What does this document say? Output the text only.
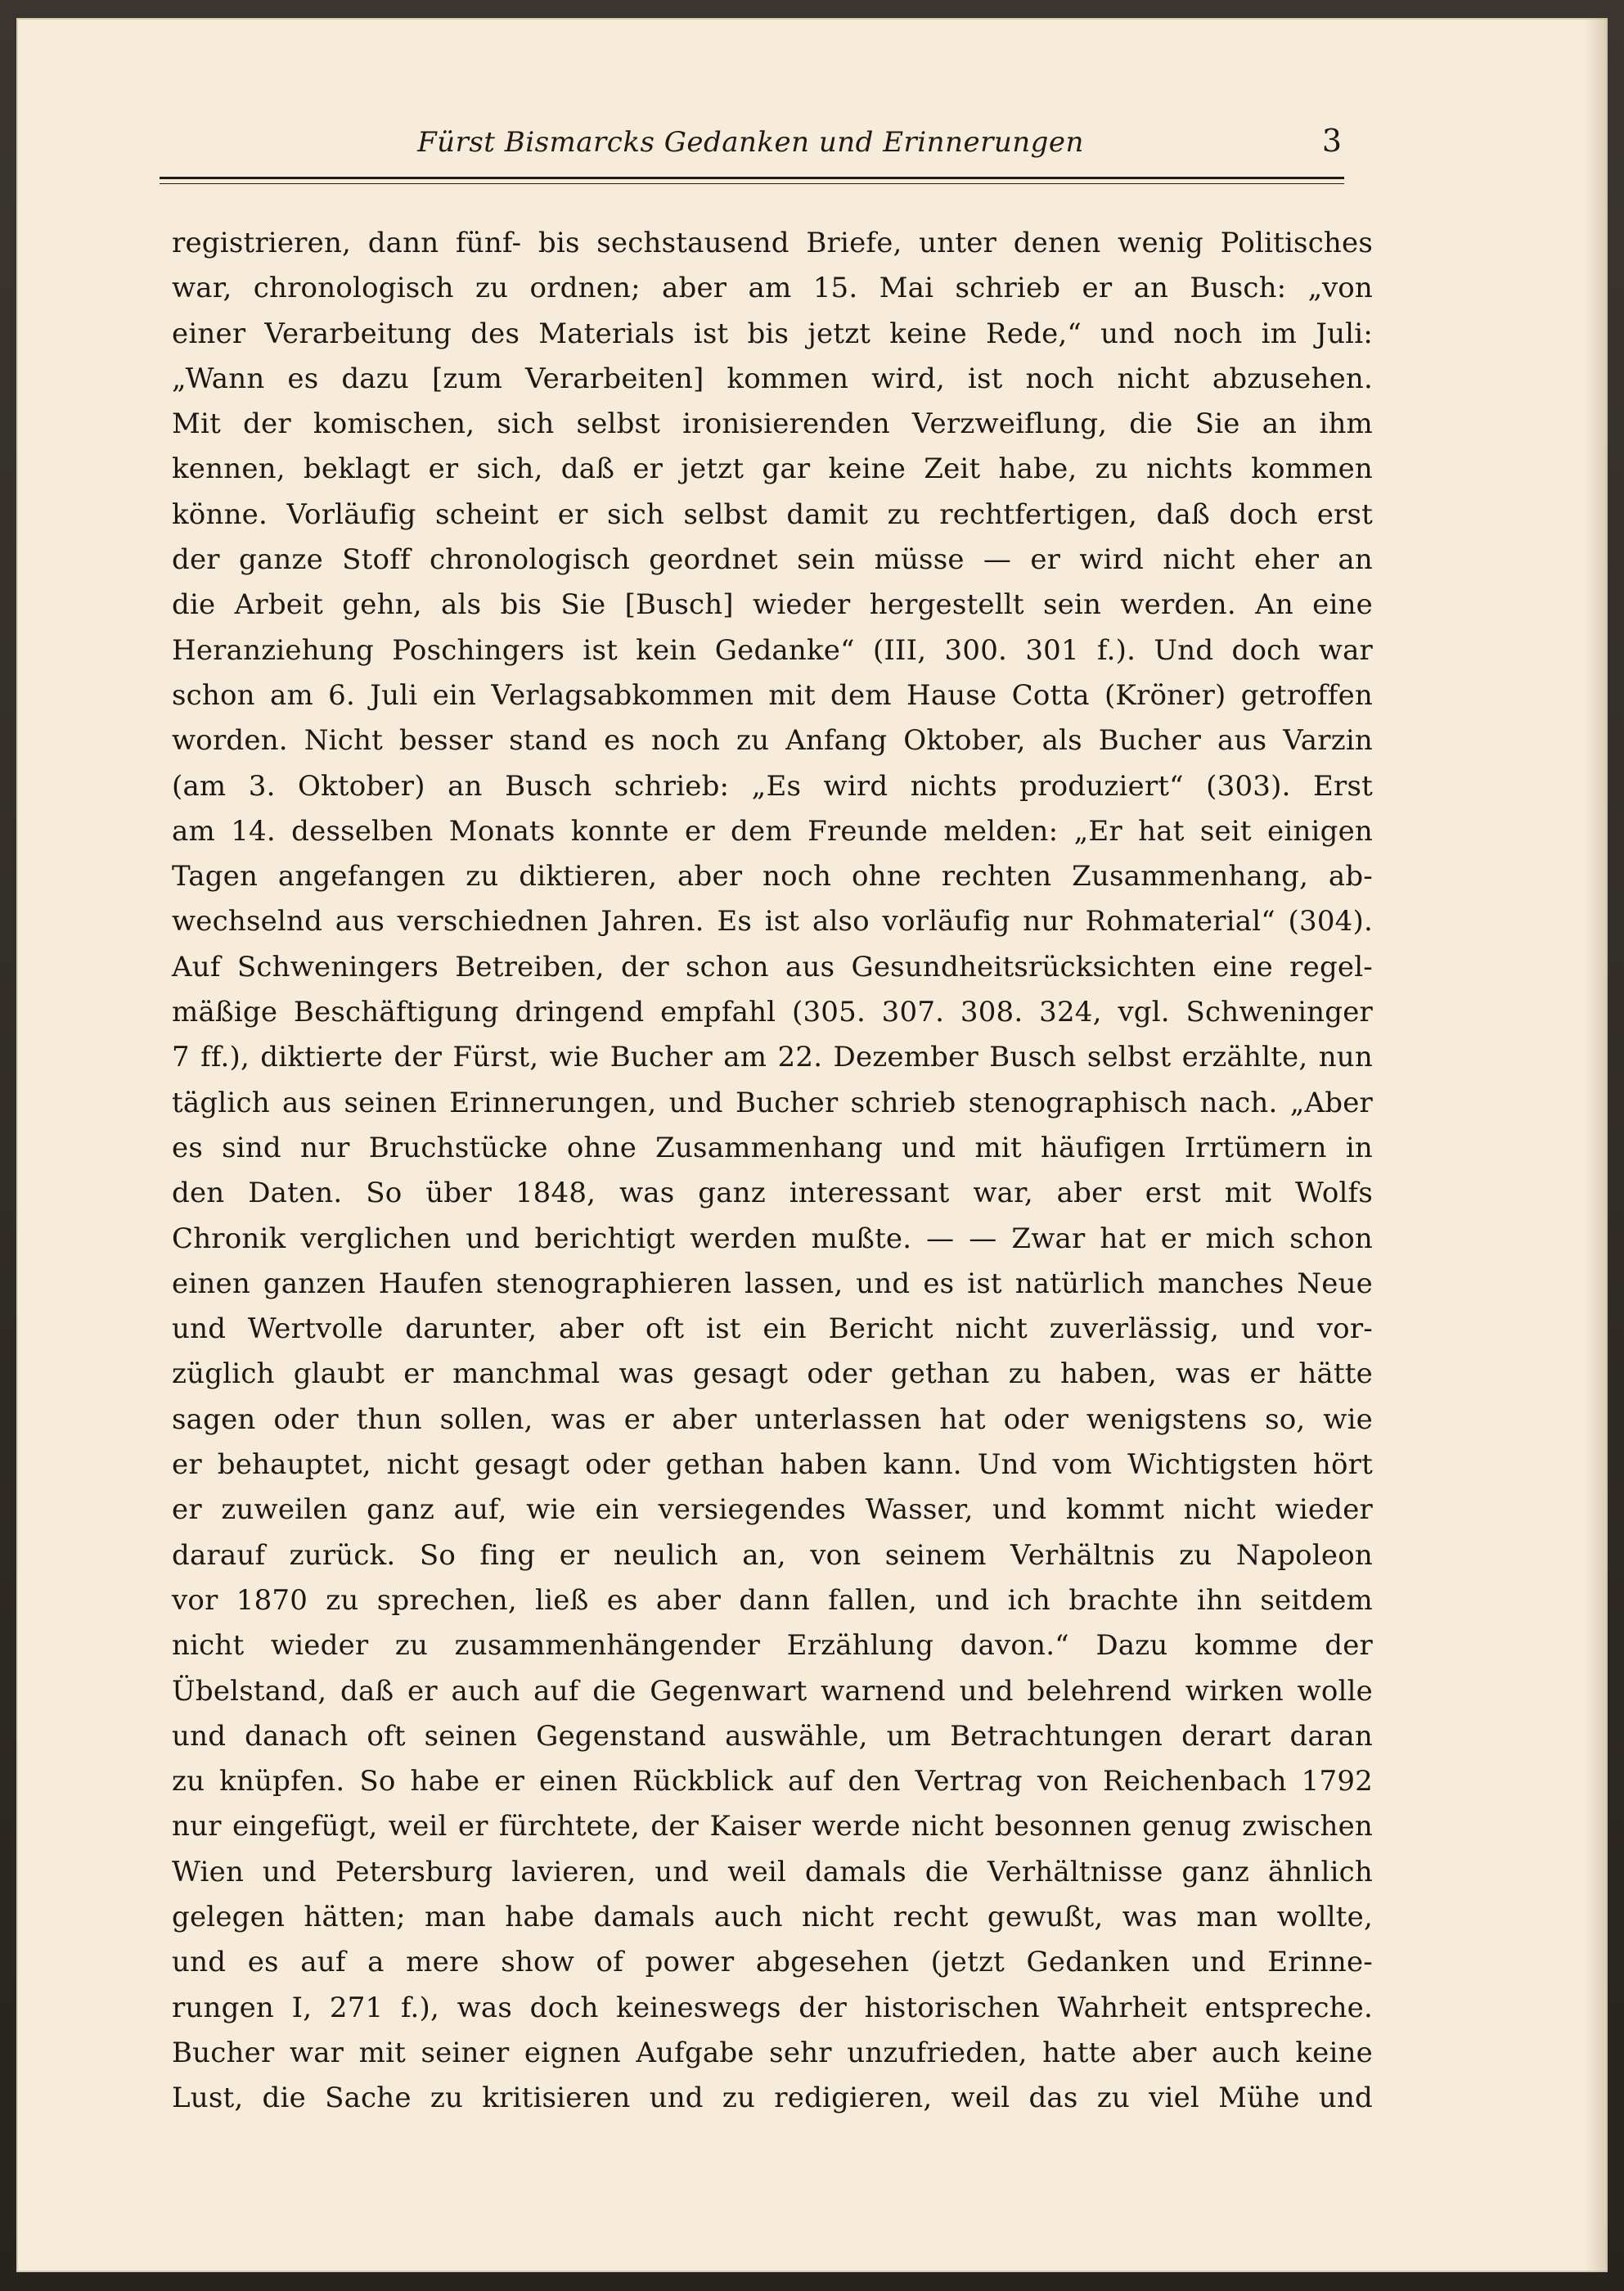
Fürst Bismarcks Gedanken und Erinnerungen	3
registrieren, dann fünf- bis sechstausend Briefe, unter denen wenig Politisches
war, chronologisch zu ordnen; aber am 15. Mai schrieb er an Busch: „von
einer Verarbeitung des Materials ist bis jetzt keine Rede,“ und noch im Juli:
„Wann es dazu [zum Verarbeiten] kommen wird, ist noch nicht abzusehen.
Mit der komischen, sich selbst ironisierenden Verzweiflung, die Sie an ihm
kennen, beklagt er sich, daß er jetzt gar keine Zeit habe, zu nichts kommen
könne. Vorläufig scheint er sich selbst damit zu rechtfertigen, daß doch erst
der ganze Stoff chronologisch geordnet sein müsse — er wird nicht eher an
die Arbeit gehn, als bis Sie [Busch] wieder hergestellt sein werden. An eine
Heranziehung Poschingers ist kein Gedanke“ (III, 300. 301 f.). Und doch war
schon am 6. Juli ein Verlagsabkommen mit dem Hause Cotta (Kröner) getroffen
worden. Nicht besser stand es noch zu Anfang Oktober, als Bucher aus Varzin
(am 3. Oktober) an Busch schrieb: „Es wird nichts produziert“ (303). Erst
am 14. desselben Monats konnte er dem Freunde melden: „Er hat seit einigen
Tagen angefangen zu diktieren, aber noch ohne rechten Zusammenhang, ab-
wechselnd aus verschiednen Jahren. Es ist also vorläufig nur Rohmaterial“ (304).
Auf Schweningers Betreiben, der schon aus Gesundheitsrücksichten eine regel-
mäßige Beschäftigung dringend empfahl (305. 307. 308. 324, vgl. Schweninger
7 ff.), diktierte der Fürst, wie Bucher am 22. Dezember Busch selbst erzählte, nun
täglich aus seinen Erinnerungen, und Bucher schrieb stenographisch nach. „Aber
es sind nur Bruchstücke ohne Zusammenhang und mit häufigen Irrtümern in
den Daten. So über 1848, was ganz interessant war, aber erst mit Wolfs
Chronik verglichen und berichtigt werden mußte. — — Zwar hat er mich schon
einen ganzen Haufen stenographieren lassen, und es ist natürlich manches Neue
und Wertvolle darunter, aber oft ist ein Bericht nicht zuverlässig, und vor-
züglich glaubt er manchmal was gesagt oder gethan zu haben, was er hätte
sagen oder thun sollen, was er aber unterlassen hat oder wenigstens so, wie
er behauptet, nicht gesagt oder gethan haben kann. Und vom Wichtigsten hört
er zuweilen ganz auf, wie ein versiegendes Wasser, und kommt nicht wieder
darauf zurück. So fing er neulich an, von seinem Verhältnis zu Napoleon
vor 1870 zu sprechen, ließ es aber dann fallen, und ich brachte ihn seitdem
nicht wieder zu zusammenhängender Erzählung davon.“ Dazu komme der
Übelstand, daß er auch auf die Gegenwart warnend und belehrend wirken wolle
und danach oft seinen Gegenstand auswähle, um Betrachtungen derart daran
zu knüpfen. So habe er einen Rückblick auf den Vertrag von Reichenbach 1792
nur eingefügt, weil er fürchtete, der Kaiser werde nicht besonnen genug zwischen
Wien und Petersburg lavieren, und weil damals die Verhältnisse ganz ähnlich
gelegen hätten; man habe damals auch nicht recht gewußt, was man wollte,
und es auf a mere show of power abgesehen (jetzt Gedanken und Erinne-
rungen I, 271 f.), was doch keineswegs der historischen Wahrheit entspreche.
Bucher war mit seiner eignen Aufgabe sehr unzufrieden, hatte aber auch keine
Lust, die Sache zu kritisieren und zu redigieren, weil das zu viel Mühe und
